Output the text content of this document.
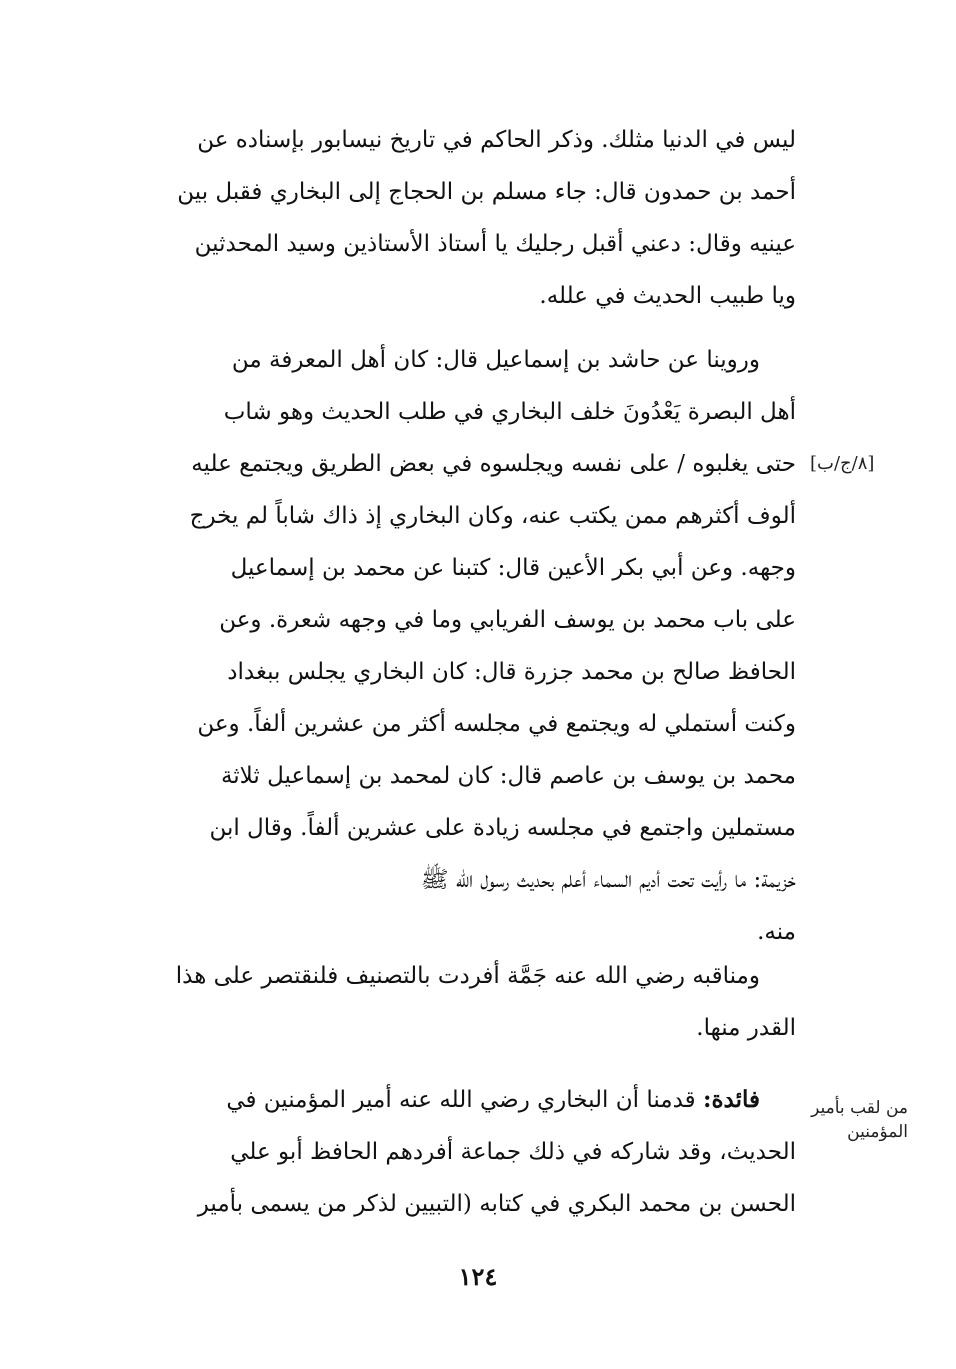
ليس في الدنيا مثلك. وذكر الحاكم في تاريخ نيسابور بإسناده عن
أحمد بن حمدون قال: جاء مسلم بن الحجاج إلى البخاري فقبل بين
عينيه وقال: دعني أقبل رجليك يا أستاذ الأستاذين وسيد المحدثين
ويا طبيب الحديث في علله.
وروينا عن حاشد بن إسماعيل قال: كان أهل المعرفة من
أهل البصرة يَعْدُونَ خلف البخاري في طلب الحديث وهو شاب
حتى يغلبوه / على نفسه ويجلسوه في بعض الطريق ويجتمع عليه
ألوف أكثرهم ممن يكتب عنه، وكان البخاري إذ ذاك شاباً لم يخرج
وجهه. وعن أبي بكر الأعين قال: كتبنا عن محمد بن إسماعيل
على باب محمد بن يوسف الفريابي وما في وجهه شعرة. وعن
الحافظ صالح بن محمد جزرة قال: كان البخاري يجلس ببغداد
وكنت أستملي له ويجتمع في مجلسه أكثر من عشرين ألفاً. وعن
محمد بن يوسف بن عاصم قال: كان لمحمد بن إسماعيل ثلاثة
مستملين واجتمع في مجلسه زيادة على عشرين ألفاً. وقال ابن
خزيمة: ما رأيت تحت أديم السماء أعلم بحديث رسول الله ﷺ
منه.
[٨/ج/ب]
ومناقبه رضي الله عنه جَمَّة أفردت بالتصنيف فلنقتصر على هذا
القدر منها.
فائدة: قدمنا أن البخاري رضي الله عنه أمير المؤمنين في
الحديث، وقد شاركه في ذلك جماعة أفردهم الحافظ أبو علي
الحسن بن محمد البكري في كتابه (التبيين لذكر من يسمى بأمير
من لقب بأمير
المؤمنين
١٢٤
